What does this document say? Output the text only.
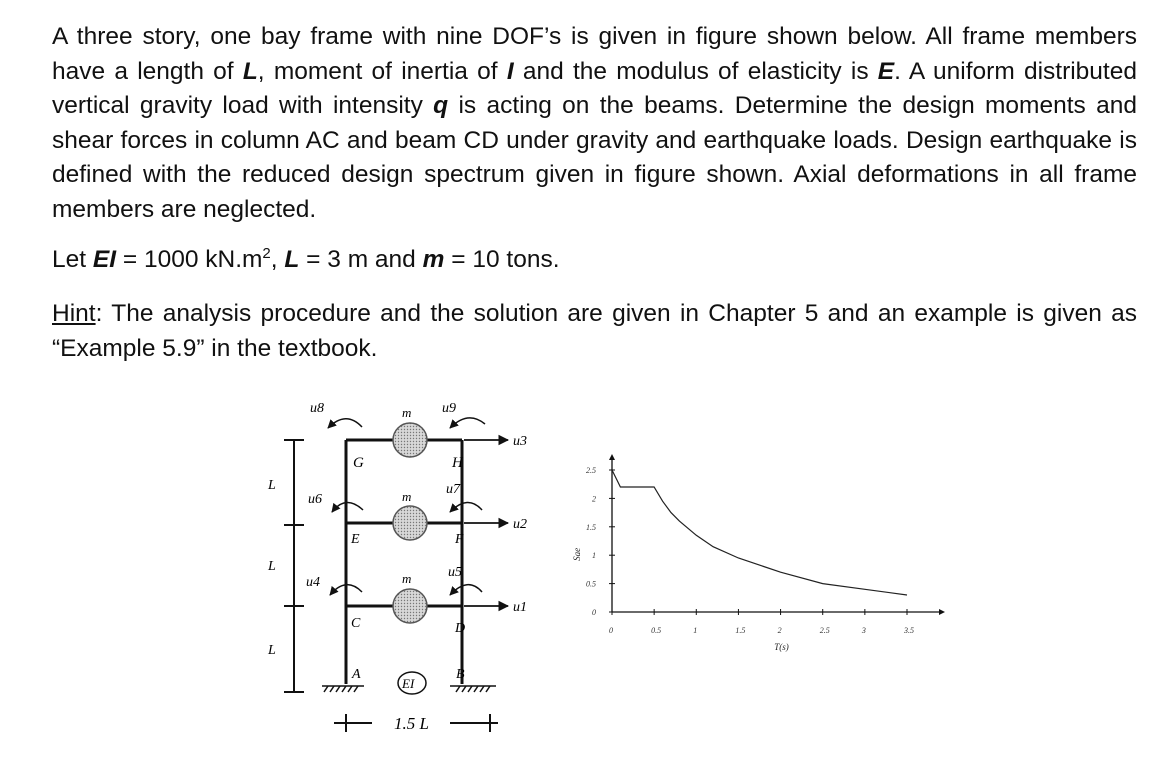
A three story, one bay frame with nine DOF’s is given in figure shown below. All frame members have a length of L, moment of inertia of I and the modulus of elasticity is E. A uniform distributed vertical gravity load with intensity q is acting on the beams. Determine the design moments and shear forces in column AC and beam CD under gravity and earthquake loads. Design earthquake is defined with the reduced design spectrum given in figure shown. Axial deformations in all frame members are neglected.
Let EI = 1000 $kN.m^2$, L = 3 m and m = 10 tons.
Hint: The analysis procedure and the solution are given in Chapter 5 and an example is given as “Example 5.9” in the textbook.
L
L
L
m
m
m
u8	u9
u3
u6
u7
u2
u4
u5
u1
G	H
E	F
C	D
A	B
EI
1.5 L
0	0.5	1	1.5	2	2.5	3	3.5
0
0.5
1
1.5
2
2.5
T(s)
Sae
